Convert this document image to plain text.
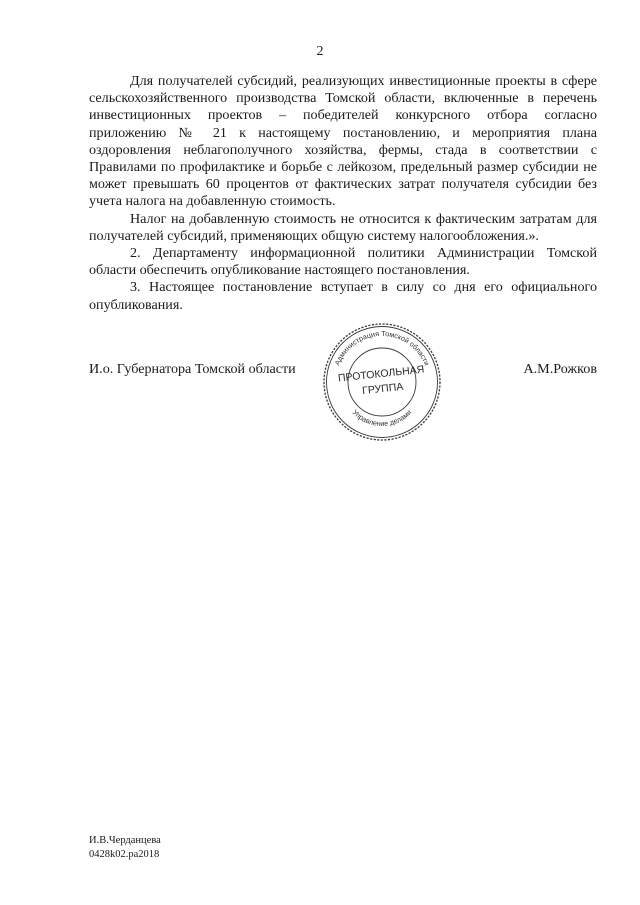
2

Для получателей субсидий, реализующих инвестиционные проекты в сфере сельскохозяйственного производства Томской области, включенные в перечень инвестиционных проектов – победителей конкурсного отбора согласно приложению № 21 к настоящему постановлению, и мероприятия плана оздоровления неблагополучного хозяйства, фермы, стада в соответствии с Правилами по профилактике и борьбе с лейкозом, предельный размер субсидии не может превышать 60 процентов от фактических затрат получателя субсидии без учета налога на добавленную стоимость.

Налог на добавленную стоимость не относится к фактическим затратам для получателей субсидий, применяющих общую систему налогообложения.».

2. Департаменту информационной политики Администрации Томской области обеспечить опубликование настоящего постановления.

3. Настоящее постановление вступает в силу со дня его официального опубликования.

И.о. Губернатора Томской области	А.М.Рожков
Администрация Томской области
Управление делами
ПРОТОКОЛЬНАЯ
ГРУППА
И.В.Черданцева
0428k02.pa2018
